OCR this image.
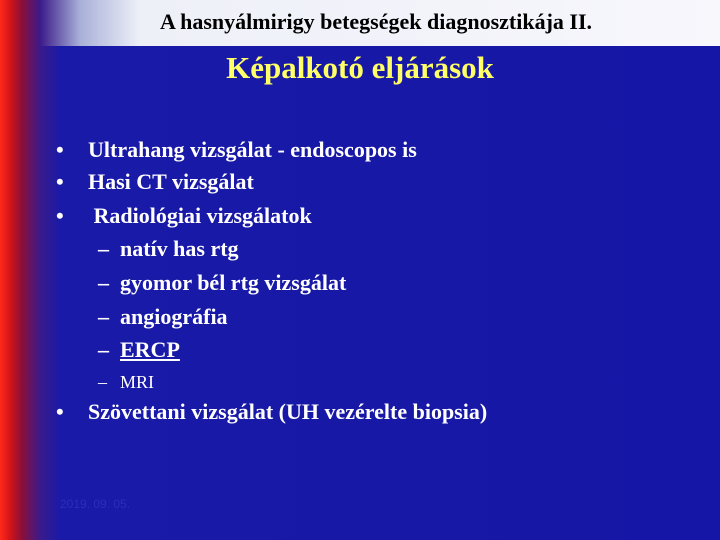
A hasnyálmirigy betegségek diagnosztikája II.
Képalkotó eljárások
• Ultrahang vizsgálat - endoscopos is
• Hasi CT vizsgálat
• Radiológiai vizsgálatok
– natív has rtg
– gyomor bél rtg vizsgálat
– angiográfia
– ERCP
– MRI
• Szövettani vizsgálat (UH vezérelte biopsia)
2019. 09. 05.
